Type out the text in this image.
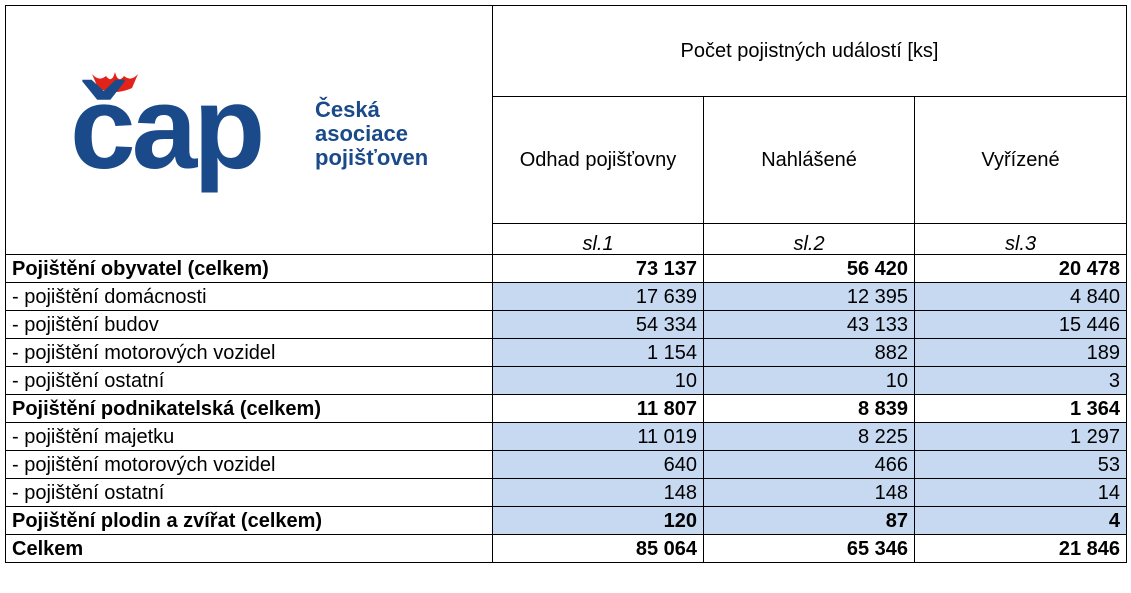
čap Česká
asociace
pojišťoven	Počet pojistných událostí [ks]		
	Odhad pojišťovny	Nahlášené	Vyřízené
	sl.1	sl.2	sl.3
Pojištění obyvatel (celkem)	73 137	56 420	20 478
- pojištění domácnosti	17 639	12 395	4 840
- pojištění budov	54 334	43 133	15 446
- pojištění motorových vozidel	1 154	882	189
- pojištění ostatní	10	10	3
Pojištění podnikatelská (celkem)	11 807	8 839	1 364
- pojištění majetku	11 019	8 225	1 297
- pojištění motorových vozidel	640	466	53
- pojištění ostatní	148	148	14
Pojištění plodin a zvířat (celkem)	120	87	4
Celkem	85 064	65 346	21 846
